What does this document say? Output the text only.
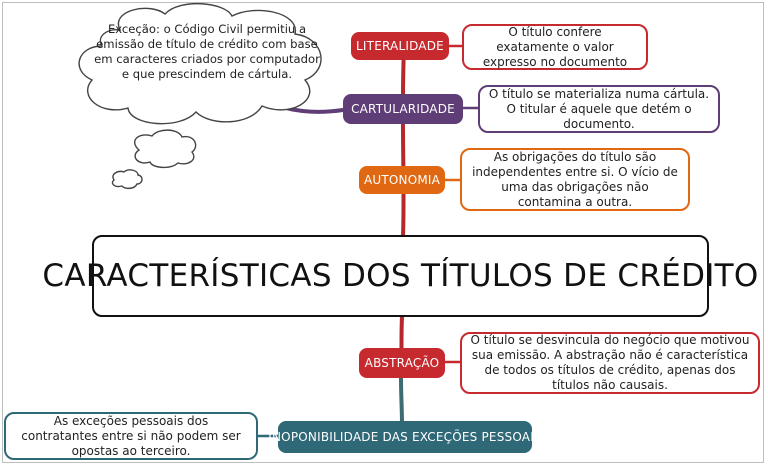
Exceção: o Código Civil permitiu a emissão de título de crédito com base em caracteres criados por computador e que prescindem de cártula.
LITERALIDADE
CARTULARIDADE
AUTONOMIA
ABSTRAÇÃO
INOPONIBILIDADE DAS EXCEÇÕES PESSOAIS
O título confere exatamente o valor expresso no documento
O título se materializa numa cártula. O titular é aquele que detém o documento.
As obrigações do título são independentes entre si. O vício de uma das obrigações não contamina a outra.
O título se desvincula do negócio que motivou sua emissão. A abstração não é característica de todos os títulos de crédito, apenas dos títulos não causais.
As exceções pessoais dos contratantes entre si não podem ser opostas ao terceiro.
CARACTERÍSTICAS DOS TÍTULOS DE CRÉDITO
